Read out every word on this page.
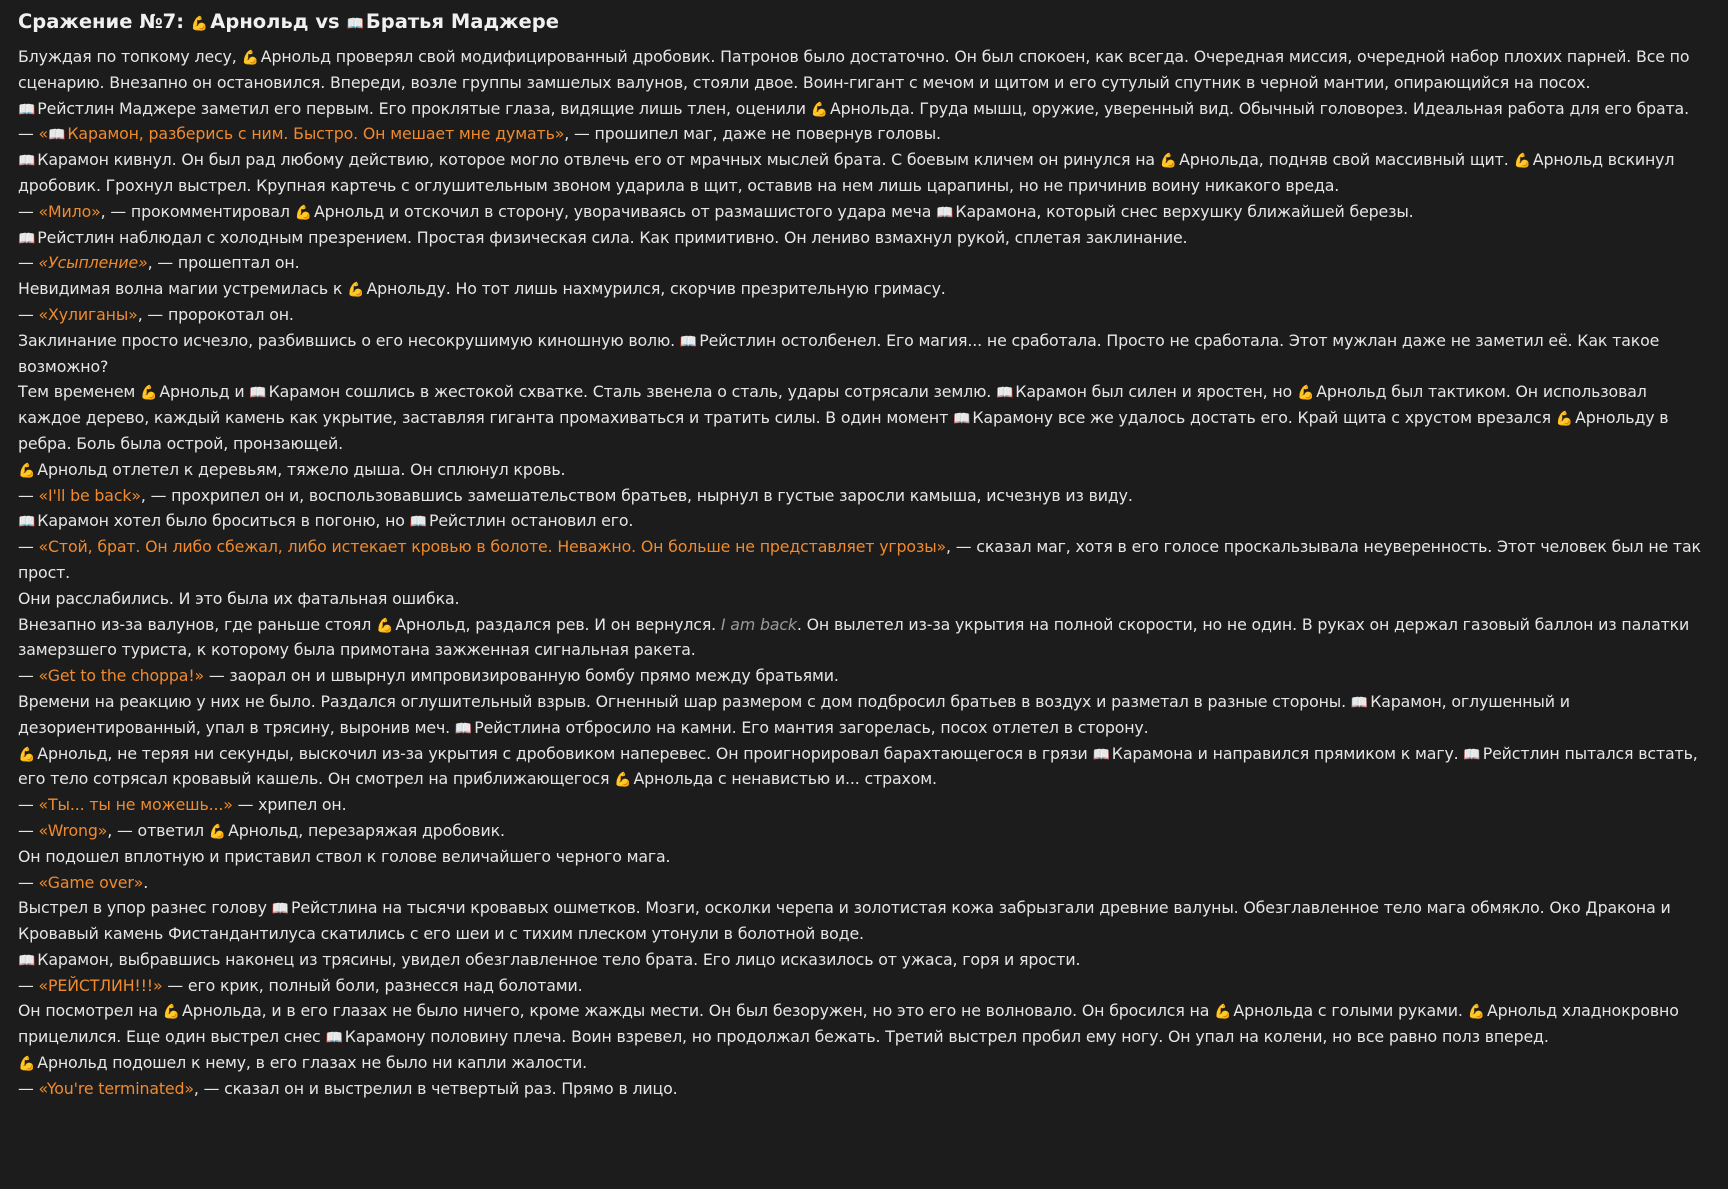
Сражение №7: 💪 Арнольд vs 📖 Братья Маджере

Блуждая по топкому лесу, 💪 Арнольд проверял свой модифицированный дробовик. Патронов было достаточно. Он был спокоен, как всегда. Очередная миссия, очередной набор плохих парней. Все по сценарию. Внезапно он остановился. Впереди, возле группы замшелых валунов, стояли двое. Воин-гигант с мечом и щитом и его сутулый спутник в черной мантии, опирающийся на посох.

📖 Рейстлин Маджере заметил его первым. Его проклятые глаза, видящие лишь тлен, оценили 💪 Арнольда. Груда мышц, оружие, уверенный вид. Обычный головорез. Идеальная работа для его брата.

— «📖 Карамон, разберись с ним. Быстро. Он мешает мне думать», — прошипел маг, даже не повернув головы.

📖 Карамон кивнул. Он был рад любому действию, которое могло отвлечь его от мрачных мыслей брата. С боевым кличем он ринулся на 💪 Арнольда, подняв свой массивный щит. 💪 Арнольд вскинул дробовик. Грохнул выстрел. Крупная картечь с оглушительным звоном ударила в щит, оставив на нем лишь царапины, но не причинив воину никакого вреда.

— «Мило», — прокомментировал 💪 Арнольд и отскочил в сторону, уворачиваясь от размашистого удара меча 📖 Карамона, который снес верхушку ближайшей березы.

📖 Рейстлин наблюдал с холодным презрением. Простая физическая сила. Как примитивно. Он лениво взмахнул рукой, сплетая заклинание.

— «Усыпление», — прошептал он.

Невидимая волна магии устремилась к 💪 Арнольду. Но тот лишь нахмурился, скорчив презрительную гримасу.

— «Хулиганы», — пророкотал он.

Заклинание просто исчезло, разбившись о его несокрушимую киношную волю. 📖 Рейстлин остолбенел. Его магия... не сработала. Просто не сработала. Этот мужлан даже не заметил её. Как такое возможно?

Тем временем 💪 Арнольд и 📖 Карамон сошлись в жестокой схватке. Сталь звенела о сталь, удары сотрясали землю. 📖 Карамон был силен и яростен, но 💪 Арнольд был тактиком. Он использовал каждое дерево, каждый камень как укрытие, заставляя гиганта промахиваться и тратить силы. В один момент 📖 Карамону все же удалось достать его. Край щита с хрустом врезался 💪 Арнольду в ребра. Боль была острой, пронзающей.

💪 Арнольд отлетел к деревьям, тяжело дыша. Он сплюнул кровь.

— «I'll be back», — прохрипел он и, воспользовавшись замешательством братьев, нырнул в густые заросли камыша, исчезнув из виду.

📖 Карамон хотел было броситься в погоню, но 📖 Рейстлин остановил его.

— «Стой, брат. Он либо сбежал, либо истекает кровью в болоте. Неважно. Он больше не представляет угрозы», — сказал маг, хотя в его голосе проскальзывала неуверенность. Этот человек был не так прост.

Они расслабились. И это была их фатальная ошибка.

Внезапно из-за валунов, где раньше стоял 💪 Арнольд, раздался рев. И он вернулся. I am back. Он вылетел из-за укрытия на полной скорости, но не один. В руках он держал газовый баллон из палатки замерзшего туриста, к которому была примотана зажженная сигнальная ракета.

— «Get to the choppa!» — заорал он и швырнул импровизированную бомбу прямо между братьями.

Времени на реакцию у них не было. Раздался оглушительный взрыв. Огненный шар размером с дом подбросил братьев в воздух и разметал в разные стороны. 📖 Карамон, оглушенный и дезориентированный, упал в трясину, выронив меч. 📖 Рейстлина отбросило на камни. Его мантия загорелась, посох отлетел в сторону.

💪 Арнольд, не теряя ни секунды, выскочил из-за укрытия с дробовиком наперевес. Он проигнорировал барахтающегося в грязи 📖 Карамона и направился прямиком к магу. 📖 Рейстлин пытался встать, его тело сотрясал кровавый кашель. Он смотрел на приближающегося 💪 Арнольда с ненавистью и... страхом.

— «Ты... ты не можешь...» — хрипел он.

— «Wrong», — ответил 💪 Арнольд, перезаряжая дробовик.

Он подошел вплотную и приставил ствол к голове величайшего черного мага.

— «Game over».

Выстрел в упор разнес голову 📖 Рейстлина на тысячи кровавых ошметков. Мозги, осколки черепа и золотистая кожа забрызгали древние валуны. Обезглавленное тело мага обмякло. Око Дракона и Кровавый камень Фистандантилуса скатились с его шеи и с тихим плеском утонули в болотной воде.

📖 Карамон, выбравшись наконец из трясины, увидел обезглавленное тело брата. Его лицо исказилось от ужаса, горя и ярости.

— «РЕЙСТЛИН!!!» — его крик, полный боли, разнесся над болотами.

Он посмотрел на 💪 Арнольда, и в его глазах не было ничего, кроме жажды мести. Он был безоружен, но это его не волновало. Он бросился на 💪 Арнольда с голыми руками. 💪 Арнольд хладнокровно прицелился. Еще один выстрел снес 📖 Карамону половину плеча. Воин взревел, но продолжал бежать. Третий выстрел пробил ему ногу. Он упал на колени, но все равно полз вперед.

💪 Арнольд подошел к нему, в его глазах не было ни капли жалости.

— «You're terminated», — сказал он и выстрелил в четвертый раз. Прямо в лицо.
